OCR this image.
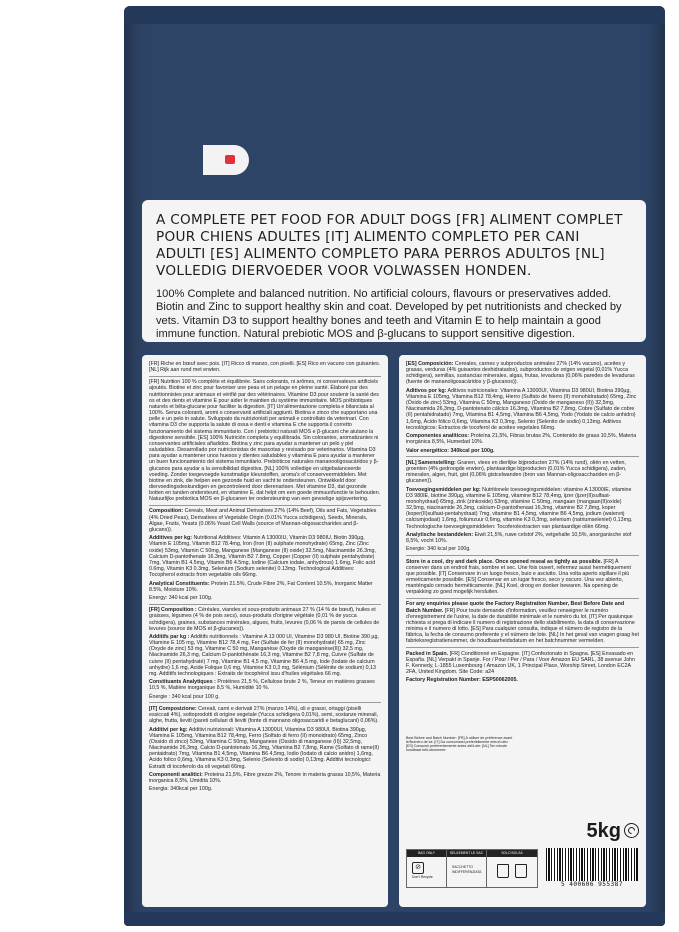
A COMPLETE PET FOOD FOR ADULT DOGS [FR] ALIMENT COMPLET POUR CHIENS ADULTES [IT] ALIMENTO COMPLETO PER CANI ADULTI [ES] ALIMENTO COMPLETO PARA PERROS ADULTOS [NL] VOLLEDIG DIERVOEDER VOOR VOLWASSEN HONDEN.
100% Complete and balanced nutrition. No artificial colours, flavours or preservatives added. Biotin and Zinc to support healthy skin and coat. Developed by pet nutritionists and checked by vets. Vitamin D3 to support healthy bones and teeth and Vitamin E to help maintain a good immune function. Natural prebiotic MOS and β-glucans to support sensitive digestion.

[FR] Riche en bœuf avec pois. [IT] Ricco di manzo, con piselli. [ES] Rico en vacuno con guisantes. [NL] Rijk aan rund met erwten.

[FR] Nutrition 100 % complète et équilibrée. Sans colorants, ni arômes, ni conservateurs artificiels ajoutés. Biotine et zinc pour favoriser une peau et un pelage en pleine santé. Élaboré par des nutritionnistes pour animaux et vérifié par des vétérinaires. Vitamine D3 pour soutenir la santé des os et des dents et vitamine E pour aider le maintien du système immunitaire. MOS prébiotiques naturels et bêta-glucane pour faciliter la digestion. [IT] Un'alimentazione completa e bilanciata al 100%. Senza coloranti, aromi o conservanti artificiali aggiunti. Biotina e zinco che supportano una pelle e un pelo in salute. Sviluppato da nutrizionisti per animali e controllato da veterinari. Con vitamina D3 che supporta la salute di ossa e denti e vitamina E che supporta il corretto funzionamento del sistema immunitario. Con i prebiotici naturali MOS e β-glucani che aiutano la digestione sensibile. [ES] 100% Nutrición completa y equilibrada. Sin colorantes, aromatizantes ni conservantes artificiales añadidos. Biotina y zinc para ayudar a mantener un pelo y piel saludables. Desarrollado por nutricionistas de mascotas y revisado por veterinarios. Vitamina D3 para ayudar a mantener unos huesos y dientes saludables y vitamina E para ayudar a mantener un buen funcionamiento del sistema inmunitario. Prebióticos naturales mananooligosacáridos y β-glucanos para ayudar a la sensibilidad digestiva. [NL] 100% volledige en uitgebalanceerde voeding. Zonder toegevoegde kunstmatige kleurstoffen, aroma's of conserveermiddelen. Met biotine en zink, die helpen een gezonde huid en vacht te ondersteunen. Ontwikkeld door diervoedingsdeskundigen en gecontroleerd door dierenartsen. Met vitamine D3, dat gezonde botten en tanden ondersteunt, en vitamine E, dat helpt om een goede immuunfunctie te behouden. Natuurlijke prebiotica MOS en β-glucanen ter ondersteuning van een gevoelige spijsvertering.

Composition: Cereals, Meat and Animal Derivatives 27% (14% Beef), Oils and Fats, Vegetables (4% Dried Peas), Derivatives of Vegetable Origin (0.01% Yucca schidigera), Seeds, Minerals, Algae, Fruits, Yeasts (0.06% Yeast Cell Walls (source of Mannan-oligosaccharides and β-glucans)).

Additives per kg: Nutritional Additives: Vitamin A 13000IU, Vitamin D3 980IU, Biotin 390µg, Vitamin E 105mg, Vitamin B12 78.4mg, Iron (Iron (II) sulphate monohydrate) 65mg, Zinc (Zinc oxide) 53mg, Vitamin C 50mg, Manganese (Manganese (II) oxide) 32.5mg, Niacinamide 26.3mg, Calcium D-pantothenate 16.3mg, Vitamin B2 7.8mg, Copper (Copper (II) sulphate pentahydrate) 7mg, Vitamin B1 4.5mg, Vitamin B6 4.5mg, Iodine (Calcium iodate, anhydrous) 1.6mg, Folic acid 0.6mg, Vitamin K3 0.3mg, Selenium (Sodium selenite) 0.13mg. Technological Additives: Tocopherol extracts from vegetable oils 66mg.

Analytical Constituents: Protein 21.5%, Crude Fibre 2%, Fat Content 10.5%, Inorganic Matter 8.5%, Moisture 10%.

Energy: 340 kcal per 100g.

[FR] Composition : Céréales, viandes et sous-produits animaux 27 % (14 % de bœuf), huiles et graisses, légumes (4 % de pois secs), sous-produits d'origine végétale (0,01 % de yucca schidigera), graines, substances minérales, algues, fruits, levures (0,06 % de parois de cellules de levures (source de MOS et β-glucanes)).

Additifs par kg : Additifs nutritionnels : Vitamine A 13 000 UI, Vitamine D3 980 UI, Biotine 390 µg, Vitamine E 105 mg, Vitamine B12 78,4 mg, Fer (Sulfate de fer (II) monohydraté) 65 mg, Zinc (Oxyde de zinc) 53 mg, Vitamine C 50 mg, Manganèse (Oxyde de manganèse(II)) 32,5 mg, Niacinamide 26,3 mg, Calcium D-pantothénate 16,3 mg, Vitamine B2 7,8 mg, Cuivre (Sulfate de cuivre (II) pentahydraté) 7 mg, Vitamine B1 4,5 mg, Vitamine B6 4,5 mg, Iode (Iodate de calcium anhydre) 1,6 mg, Acide Folique 0,6 mg, Vitamine K3 0,3 mg, Sélénium (Sélénite de sodium) 0,13 mg. Additifs technologiques : Extraits de tocophérol issu d'huiles végétales 66 mg.

Constituants Analytiques : Protéines 21,5 %, Cellulose brute 2 %, Teneur en matières grasses 10,5 %, Matière inorganique 8,5 %, Humidité 10 %.

Énergie : 340 kcal pour 100 g.

[IT] Composizione: Cereali, carni e derivati 27% (manzo 14%), oli e grassi, ortaggi (piselli essiccati 4%), sottoprodotti di origine vegetale (Yucca schidigera 0,01%), semi, sostanze minerali, alghe, frutta, lieviti (pareti cellulari di lieviti (fonte di mannano oligosaccaridi e betaglucani) 0,06%).

Additivi per kg: Additivi nutrizionali: Vitamina A 13000UI, Vitamina D3 980UI, Biotina 390µg, Vitamina E 105mg, Vitamina B12 78,4mg, Ferro (Solfato di ferro (II) monoidrato) 65mg, Zinco (Ossido di zinco) 53mg, Vitamina C 50mg, Manganese (Ossido di manganese (II)) 32,5mg, Niacinamide 26,3mg, Calcio D-pantotenato 16,3mg, Vitamina B2 7,8mg, Rame (Solfato di rame(II) pentaidrato) 7mg, Vitamina B1 4,5mg, Vitamina B6 4,5mg, Iodio (Iodato di calcio anidro) 1,6mg, Acido folico 0,6mg, Vitamina K3 0,3mg, Selenio (Selenito di sodio) 0,13mg. Additivi tecnologici: Estratti di tocoferolo da oli vegetali 66mg.

Componenti analitici: Proteina 21,5%, Fibre grezze 2%, Tenore in materia grassa 10,5%, Materia inorganica 8,5%, Umidità 10%.

Energia: 340kcal per 100g.

[ES] Composición: Cereales, carnes y subproductos animales 27% (14% vacuno), aceites y grasas, verduras (4% guisantes deshidratados), subproductos de origen vegetal (0,01% Yucca schidigera), semillas, sustancias minerales, algas, frutas, levaduras (0,06% paredes de levaduras (fuente de mananoligosacáridos y β-glucanos)).

Aditivos por kg: Aditivos nutricionales: Vitamina A 13000UI, Vitamina D3 980UI, Biotina 390µg, Vitamina E 105mg, Vitamina B12 78,4mg, Hierro (Sulfato de hierro (II) monohidratado) 65mg, Zinc (Óxido de zinc) 53mg, Vitamina C 50mg, Manganeso (Óxido de manganeso (II)) 32,5mg, Niacinamida 26,3mg, D-pantotenato cálcico 16,3mg, Vitamina B2 7,8mg, Cobre (Sulfato de cobre (II) pentahidratado) 7mg, Vitamina B1 4,5mg, Vitamina B6 4,5mg, Yodo (Yodato de calcio anhidro) 1,6mg, Ácido fólico 0,6mg, Vitamina K3 0,3mg, Selenio (Selenito de sodio) 0,13mg. Aditivos tecnológicos: Extractos de tocoferol de aceites vegetales 66mg.

Componentes analíticos: Proteína 21,5%, Fibras brutas 2%, Contenido de grasa 10,5%, Materia inorgánica 8,5%, Humedad 10%.

Valor energético: 340kcal por 100g.

[NL] Samenstelling: Granen, vlees en dierlijke bijproducten 27% (14% rund), oliën en vetten, groenten (4% gedroogde erwten), plantaardige bijproducten (0,01% Yucca schidigera), zaden, mineralen, algen, fruit, gist (0,06% gistcelwanden (bron van Mannan-oligosacchariden en β-glucanen)).

Toevoegingsmiddelen per kg: Nutritionele toevoegingsmiddelen: vitamine A 13000IE, vitamine D3 980IE, biotine 390µg, vitamine E 105mg, vitamine B12 78,4mg, ijzer (ijzer(II)sulfaat-monohydraat) 65mg, zink (zinkoxide) 53mg, vitamine C 50mg, mangaan (mangaan(II)oxide) 32,5mg, niacinamide 26,3mg, calcium-D-pantothenaat 16,3mg, vitamine B2 7,8mg, koper (koper(II)sulfaat-pentahydraat) 7mg, vitamine B1 4,5mg, vitamine B6 4,5mg, jodium (watervrij calciumjodaat) 1,6mg, foliumzuur 0,6mg, vitamine K3 0,3mg, selenium (natriumseleniet) 0,13mg. Technologische toevoegingsmiddelen: Tocoferolextracten van plantaardige oliën 66mg.

Analytische bestanddelen: Eiwit 21,5%, ruwe celstof 2%, vetgehalte 10,5%, anorganische stof 8,5%, vocht 10%.

Energie: 340 kcal per 100g.

Store in a cool, dry and dark place. Once opened reseal as tightly as possible. [FR] À conserver dans un endroit frais, sombre et sec. Une fois ouvert, refermez aussi hermétiquement que possible. [IT] Conservare in un luogo fresco, buio e asciutto. Una volta aperto sigillare il più ermeticamente possibile. [ES] Conservar en un lugar fresco, seco y oscuro. Una vez abierto, manténgalo cerrado herméticamente. [NL] Koel, droog en donker bewaren. Na opening de verpakking zo goed mogelijk hersluiten.

For any enquiries please quote the Factory Registration Number, Best Before Date and Batch Number. [FR] Pour toute demande d'information, veuillez renseigner le numéro d'enregistrement de l'usine, la date de durabilité minimale et le numéro du lot. [IT] Per qualunque richiesta si prega di indicare il numero di registrazione dello stabilimento, la data di conservazione minima e il numero di lotto. [ES] Para cualquier consulta, indique el número de registro de la fábrica, la fecha de consumo preferente y el número de lote. [NL] In het geval van vragen graag het fabrieksregistratienummer, de houdbaarheidsdatum en het batchnummer vermelden.

Packed in Spain. [FR] Conditionné en Espagne. [IT] Confezionato in Spagna. [ES] Envasado en España. [NL] Verpakt in Spanje. For / Pour / Per / Para / Voor Amazon EU SARL, 38 avenue John F. Kennedy, L-1855 Luxembourg / Amazon UK, 1 Principal Place, Worship Street, London EC2A 2FA, United Kingdom. Site Code: a24

Factory Registration Number: ESP50062005.

Best Before and Batch Number: [FR] À utiliser de préférence avant le/Numéro de lot: [IT] Da consumarsi preferibilmente entro/Lotto: [ES] Consumir preferentemente antes del/Lote: [NL] Ten minste houdbaar tot/Lotnummer:

5kg
BAG ONLY
⊘
Don't Recycle
SEULEMENT LE SAC
SACCHETTO
INDIFFERENZIATA
SOLO BOLSA
5 400606 955387
